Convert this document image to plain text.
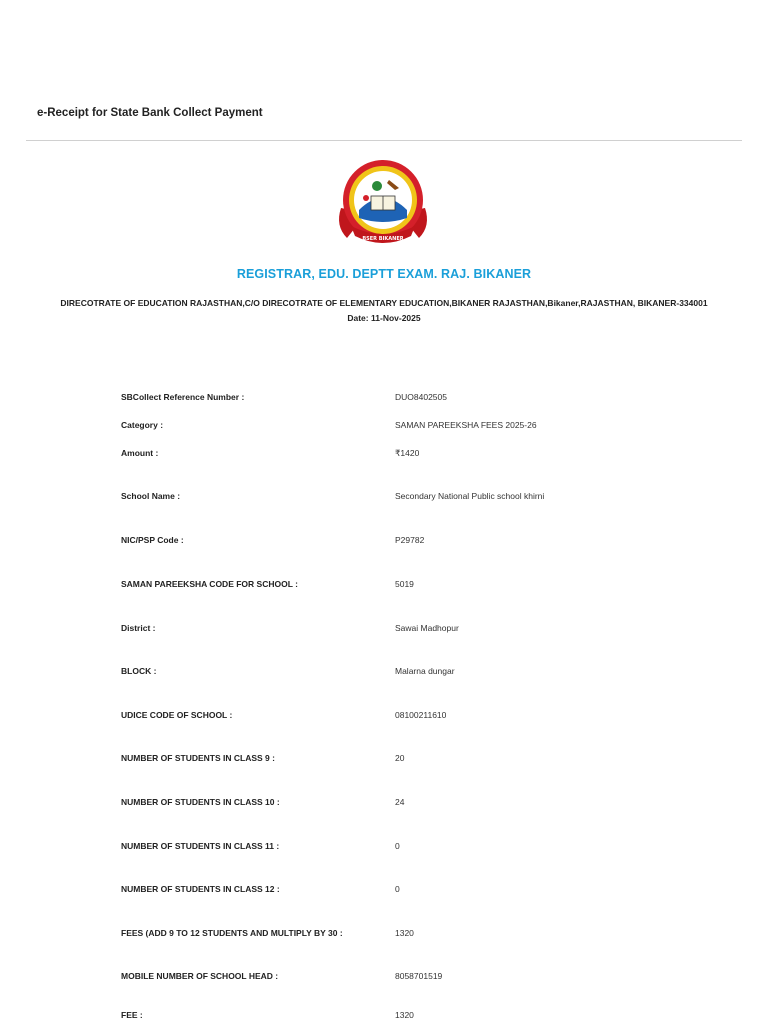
e-Receipt for State Bank Collect Payment
BSER BIKANER
REGISTRAR, EDU. DEPTT EXAM. RAJ. BIKANER
DIRECOTRATE OF EDUCATION RAJASTHAN,C/O DIRECOTRATE OF ELEMENTARY EDUCATION,BIKANER RAJASTHAN,Bikaner,RAJASTHAN, BIKANER-334001
Date: 11-Nov-2025
SBCollect Reference Number :	DUO8402505
Category :	SAMAN PAREEKSHA FEES 2025-26
Amount :	₹1420
School Name :	Secondary National Public school khirni
NIC/PSP Code :	P29782
SAMAN PAREEKSHA CODE FOR SCHOOL :	5019
District :	Sawai Madhopur
BLOCK :	Malarna dungar
UDICE CODE OF SCHOOL :	08100211610
NUMBER OF STUDENTS IN CLASS 9 :	20
NUMBER OF STUDENTS IN CLASS 10 :	24
NUMBER OF STUDENTS IN CLASS 11 :	0
NUMBER OF STUDENTS IN CLASS 12 :	0
FEES (ADD 9 TO 12 STUDENTS AND MULTIPLY BY 30 :	1320
MOBILE NUMBER OF SCHOOL HEAD :	8058701519
FEE :	1320
